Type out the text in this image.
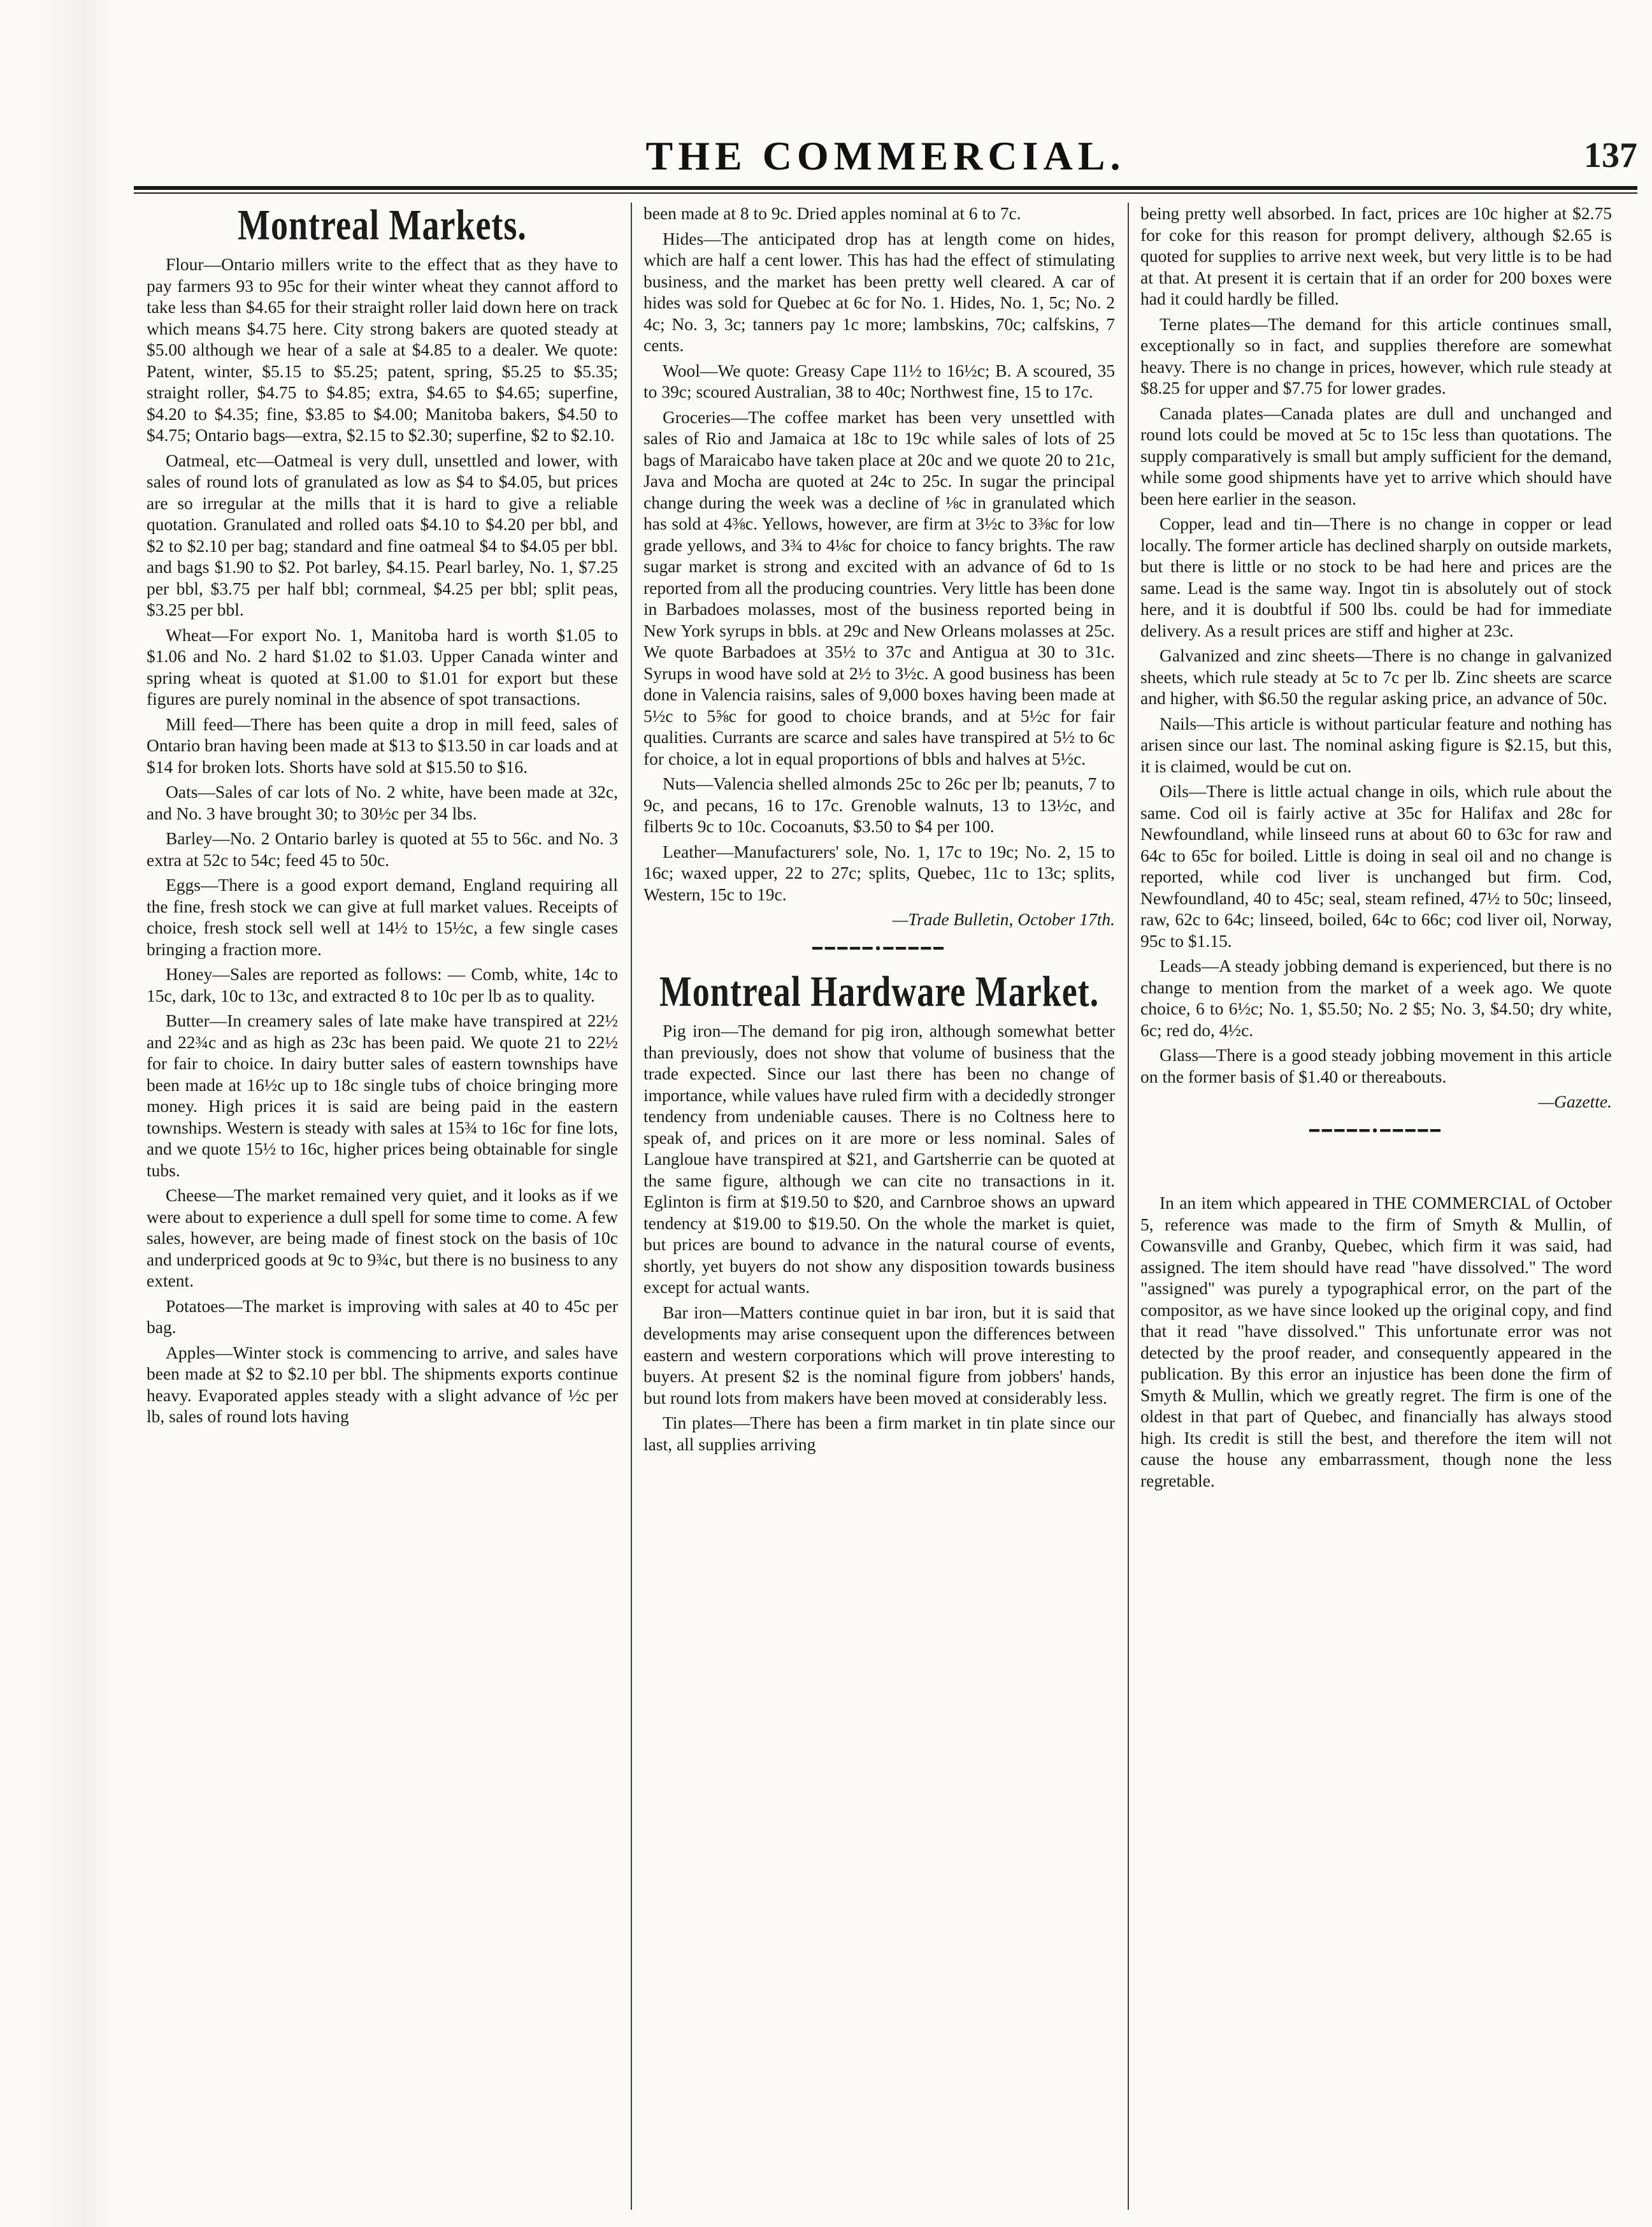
THE COMMERCIAL.	137
Montreal Markets.

Flour—Ontario millers write to the effect that as they have to pay farmers 93 to 95c for their winter wheat they cannot afford to take less than $4.65 for their straight roller laid down here on track which means $4.75 here. City strong bakers are quoted steady at $5.00 although we hear of a sale at $4.85 to a dealer. We quote: Patent, winter, $5.15 to $5.25; patent, spring, $5.25 to $5.35; straight roller, $4.75 to $4.85; extra, $4.65 to $4.65; superfine, $4.20 to $4.35; fine, $3.85 to $4.00; Manitoba bakers, $4.50 to $4.75; Ontario bags—extra, $2.15 to $2.30; superfine, $2 to $2.10.

Oatmeal, etc—Oatmeal is very dull, unsettled and lower, with sales of round lots of granulated as low as $4 to $4.05, but prices are so irregular at the mills that it is hard to give a reliable quotation. Granulated and rolled oats $4.10 to $4.20 per bbl, and $2 to $2.10 per bag; standard and fine oatmeal $4 to $4.05 per bbl. and bags $1.90 to $2. Pot barley, $4.15. Pearl barley, No. 1, $7.25 per bbl, $3.75 per half bbl; cornmeal, $4.25 per bbl; split peas, $3.25 per bbl.

Wheat—For export No. 1, Manitoba hard is worth $1.05 to $1.06 and No. 2 hard $1.02 to $1.03. Upper Canada winter and spring wheat is quoted at $1.00 to $1.01 for export but these figures are purely nominal in the absence of spot transactions.

Mill feed—There has been quite a drop in mill feed, sales of Ontario bran having been made at $13 to $13.50 in car loads and at $14 for broken lots. Shorts have sold at $15.50 to $16.

Oats—Sales of car lots of No. 2 white, have been made at 32c, and No. 3 have brought 30; to 30½c per 34 lbs.

Barley—No. 2 Ontario barley is quoted at 55 to 56c. and No. 3 extra at 52c to 54c; feed 45 to 50c.

Eggs—There is a good export demand, England requiring all the fine, fresh stock we can give at full market values. Receipts of choice, fresh stock sell well at 14½ to 15½c, a few single cases bringing a fraction more.

Honey—Sales are reported as follows: — Comb, white, 14c to 15c, dark, 10c to 13c, and extracted 8 to 10c per lb as to quality.

Butter—In creamery sales of late make have transpired at 22½ and 22¾c and as high as 23c has been paid. We quote 21 to 22½ for fair to choice. In dairy butter sales of eastern townships have been made at 16½c up to 18c single tubs of choice bringing more money. High prices it is said are being paid in the eastern townships. Western is steady with sales at 15¾ to 16c for fine lots, and we quote 15½ to 16c, higher prices being obtainable for single tubs.

Cheese—The market remained very quiet, and it looks as if we were about to experience a dull spell for some time to come. A few sales, however, are being made of finest stock on the basis of 10c and underpriced goods at 9c to 9¾c, but there is no business to any extent.

Potatoes—The market is improving with sales at 40 to 45c per bag.

Apples—Winter stock is commencing to arrive, and sales have been made at $2 to $2.10 per bbl. The shipments exports continue heavy. Evaporated apples steady with a slight advance of ½c per lb, sales of round lots having

been made at 8 to 9c. Dried apples nominal at 6 to 7c.

Hides—The anticipated drop has at length come on hides, which are half a cent lower. This has had the effect of stimulating business, and the market has been pretty well cleared. A car of hides was sold for Quebec at 6c for No. 1. Hides, No. 1, 5c; No. 2 4c; No. 3, 3c; tanners pay 1c more; lambskins, 70c; calfskins, 7 cents.

Wool—We quote: Greasy Cape 11½ to 16½c; B. A scoured, 35 to 39c; scoured Australian, 38 to 40c; Northwest fine, 15 to 17c.

Groceries—The coffee market has been very unsettled with sales of Rio and Jamaica at 18c to 19c while sales of lots of 25 bags of Maraicabo have taken place at 20c and we quote 20 to 21c, Java and Mocha are quoted at 24c to 25c. In sugar the principal change during the week was a decline of ⅛c in granulated which has sold at 4⅜c. Yellows, however, are firm at 3½c to 3⅜c for low grade yellows, and 3¾ to 4⅛c for choice to fancy brights. The raw sugar market is strong and excited with an advance of 6d to 1s reported from all the producing countries. Very little has been done in Barbadoes molasses, most of the business reported being in New York syrups in bbls. at 29c and New Orleans molasses at 25c. We quote Barbadoes at 35½ to 37c and Antigua at 30 to 31c. Syrups in wood have sold at 2½ to 3½c. A good business has been done in Valencia raisins, sales of 9,000 boxes having been made at 5½c to 5⅝c for good to choice brands, and at 5½c for fair qualities. Currants are scarce and sales have transpired at 5½ to 6c for choice, a lot in equal proportions of bbls and halves at 5½c.

Nuts—Valencia shelled almonds 25c to 26c per lb; peanuts, 7 to 9c, and pecans, 16 to 17c. Grenoble walnuts, 13 to 13½c, and filberts 9c to 10c. Cocoanuts, $3.50 to $4 per 100.

Leather—Manufacturers' sole, No. 1, 17c to 19c; No. 2, 15 to 16c; waxed upper, 22 to 27c; splits, Quebec, 11c to 13c; splits, Western, 15c to 19c.

—Trade Bulletin, October 17th.

━━━━━•━━━━━
Montreal Hardware Market.

Pig iron—The demand for pig iron, although somewhat better than previously, does not show that volume of business that the trade expected. Since our last there has been no change of importance, while values have ruled firm with a decidedly stronger tendency from undeniable causes. There is no Coltness here to speak of, and prices on it are more or less nominal. Sales of Langloue have transpired at $21, and Gartsherrie can be quoted at the same figure, although we can cite no transactions in it. Eglinton is firm at $19.50 to $20, and Carnbroe shows an upward tendency at $19.00 to $19.50. On the whole the market is quiet, but prices are bound to advance in the natural course of events, shortly, yet buyers do not show any disposition towards business except for actual wants.

Bar iron—Matters continue quiet in bar iron, but it is said that developments may arise consequent upon the differences between eastern and western corporations which will prove interesting to buyers. At present $2 is the nominal figure from jobbers' hands, but round lots from makers have been moved at considerably less.

Tin plates—There has been a firm market in tin plate since our last, all supplies arriving

being pretty well absorbed. In fact, prices are 10c higher at $2.75 for coke for this reason for prompt delivery, although $2.65 is quoted for supplies to arrive next week, but very little is to be had at that. At present it is certain that if an order for 200 boxes were had it could hardly be filled.

Terne plates—The demand for this article continues small, exceptionally so in fact, and supplies therefore are somewhat heavy. There is no change in prices, however, which rule steady at $8.25 for upper and $7.75 for lower grades.

Canada plates—Canada plates are dull and unchanged and round lots could be moved at 5c to 15c less than quotations. The supply comparatively is small but amply sufficient for the demand, while some good shipments have yet to arrive which should have been here earlier in the season.

Copper, lead and tin—There is no change in copper or lead locally. The former article has declined sharply on outside markets, but there is little or no stock to be had here and prices are the same. Lead is the same way. Ingot tin is absolutely out of stock here, and it is doubtful if 500 lbs. could be had for immediate delivery. As a result prices are stiff and higher at 23c.

Galvanized and zinc sheets—There is no change in galvanized sheets, which rule steady at 5c to 7c per lb. Zinc sheets are scarce and higher, with $6.50 the regular asking price, an advance of 50c.

Nails—This article is without particular feature and nothing has arisen since our last. The nominal asking figure is $2.15, but this, it is claimed, would be cut on.

Oils—There is little actual change in oils, which rule about the same. Cod oil is fairly active at 35c for Halifax and 28c for Newfoundland, while linseed runs at about 60 to 63c for raw and 64c to 65c for boiled. Little is doing in seal oil and no change is reported, while cod liver is unchanged but firm. Cod, Newfoundland, 40 to 45c; seal, steam refined, 47½ to 50c; linseed, raw, 62c to 64c; linseed, boiled, 64c to 66c; cod liver oil, Norway, 95c to $1.15.

Leads—A steady jobbing demand is experienced, but there is no change to mention from the market of a week ago. We quote choice, 6 to 6½c; No. 1, $5.50; No. 2 $5; No. 3, $4.50; dry white, 6c; red do, 4½c.

Glass—There is a good steady jobbing movement in this article on the former basis of $1.40 or thereabouts.

—Gazette.

━━━━━•━━━━━

In an item which appeared in THE COMMERCIAL of October 5, reference was made to the firm of Smyth & Mullin, of Cowansville and Granby, Quebec, which firm it was said, had assigned. The item should have read "have dissolved." The word "assigned" was purely a typographical error, on the part of the compositor, as we have since looked up the original copy, and find that it read "have dissolved." This unfortunate error was not detected by the proof reader, and consequently appeared in the publication. By this error an injustice has been done the firm of Smyth & Mullin, which we greatly regret. The firm is one of the oldest in that part of Quebec, and financially has always stood high. Its credit is still the best, and therefore the item will not cause the house any embarrassment, though none the less regretable.
